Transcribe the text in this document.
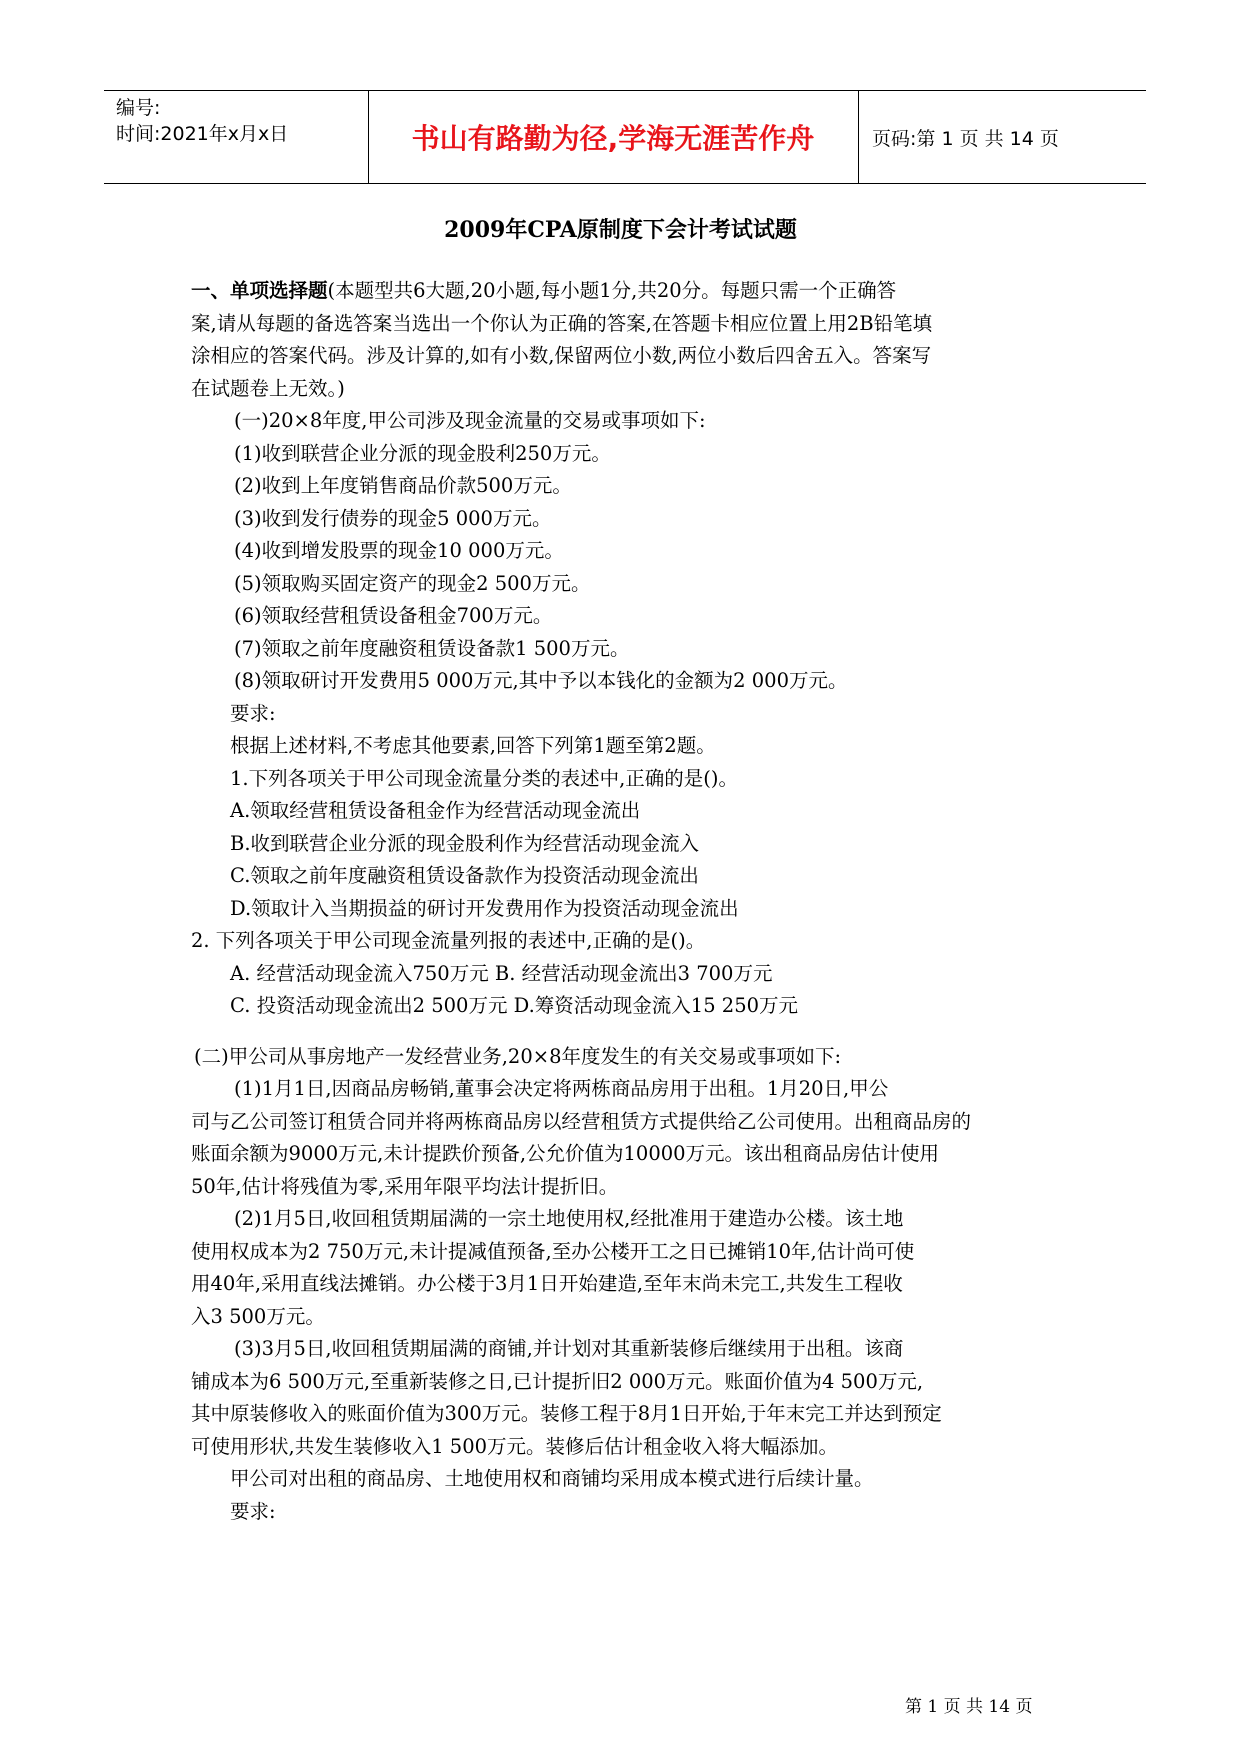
编号:
时间:2021年x月x日	书山有路勤为径,学海无涯苦作舟	页码:第 1 页 共 14 页
2009年CPA原制度下会计考试试题
一、单项选择题(本题型共6大题,20小题,每小题1分,共20分。每题只需一个正确答
案,请从每题的备选答案当选出一个你认为正确的答案,在答题卡相应位置上用2B铅笔填
涂相应的答案代码。涉及计算的,如有小数,保留两位小数,两位小数后四舍五入。答案写
在试题卷上无效。)
(一)20×8年度,甲公司涉及现金流量的交易或事项如下:
(1)收到联营企业分派的现金股利250万元。
(2)收到上年度销售商品价款500万元。
(3)收到发行债券的现金5 000万元。
(4)收到增发股票的现金10 000万元。
(5)领取购买固定资产的现金2 500万元。
(6)领取经营租赁设备租金700万元。
(7)领取之前年度融资租赁设备款1 500万元。
(8)领取研讨开发费用5 000万元,其中予以本钱化的金额为2 000万元。
要求:
根据上述材料,不考虑其他要素,回答下列第1题至第2题。
1.下列各项关于甲公司现金流量分类的表述中,正确的是()。
A.领取经营租赁设备租金作为经营活动现金流出
B.收到联营企业分派的现金股利作为经营活动现金流入
C.领取之前年度融资租赁设备款作为投资活动现金流出
D.领取计入当期损益的研讨开发费用作为投资活动现金流出
2. 下列各项关于甲公司现金流量列报的表述中,正确的是()。
A. 经营活动现金流入750万元 B. 经营活动现金流出3 700万元
C. 投资活动现金流出2 500万元 D.筹资活动现金流入15 250万元
(二)甲公司从事房地产一发经营业务,20×8年度发生的有关交易或事项如下:
(1)1月1日,因商品房畅销,董事会决定将两栋商品房用于出租。1月20日,甲公
司与乙公司签订租赁合同并将两栋商品房以经营租赁方式提供给乙公司使用。出租商品房的
账面余额为9000万元,未计提跌价预备,公允价值为10000万元。该出租商品房估计使用
50年,估计将残值为零,采用年限平均法计提折旧。
(2)1月5日,收回租赁期届满的一宗土地使用权,经批准用于建造办公楼。该土地
使用权成本为2 750万元,未计提减值预备,至办公楼开工之日已摊销10年,估计尚可使
用40年,采用直线法摊销。办公楼于3月1日开始建造,至年末尚未完工,共发生工程收
入3 500万元。
(3)3月5日,收回租赁期届满的商铺,并计划对其重新装修后继续用于出租。该商
铺成本为6 500万元,至重新装修之日,已计提折旧2 000万元。账面价值为4 500万元,
其中原装修收入的账面价值为300万元。装修工程于8月1日开始,于年末完工并达到预定
可使用形状,共发生装修收入1 500万元。装修后估计租金收入将大幅添加。
甲公司对出租的商品房、土地使用权和商铺均采用成本模式进行后续计量。
要求:
第 1 页 共 14 页
